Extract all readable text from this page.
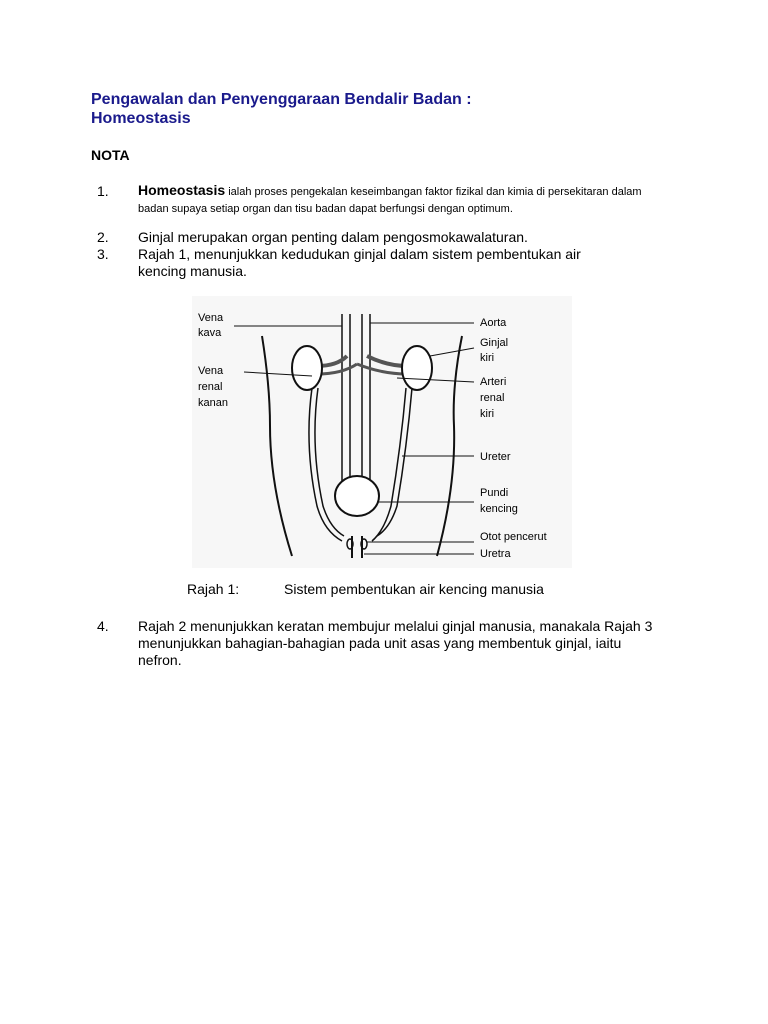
Pengawalan dan Penyenggaraan Bendalir Badan :
Homeostasis
NOTA
1. Homeostasis ialah proses pengekalan keseimbangan faktor fizikal dan kimia di persekitaran dalam badan supaya setiap organ dan tisu badan dapat berfungsi dengan optimum.
2. Ginjal merupakan organ penting dalam pengosmokawalaturan.
3. Rajah 1, menunjukkan kedudukan ginjal dalam sistem pembentukan air kencing manusia.
Vena
kava
Vena
renal
kanan
Aorta
Ginjal
kiri
Arteri
renal
kiri
Ureter
Pundi
kencing
Otot pencerut
Uretra
Rajah 1:	Sistem pembentukan air kencing manusia
4. Rajah 2 menunjukkan keratan membujur melalui ginjal manusia, manakala Rajah 3 menunjukkan bahagian-bahagian pada unit asas yang membentuk ginjal, iaitu nefron.
